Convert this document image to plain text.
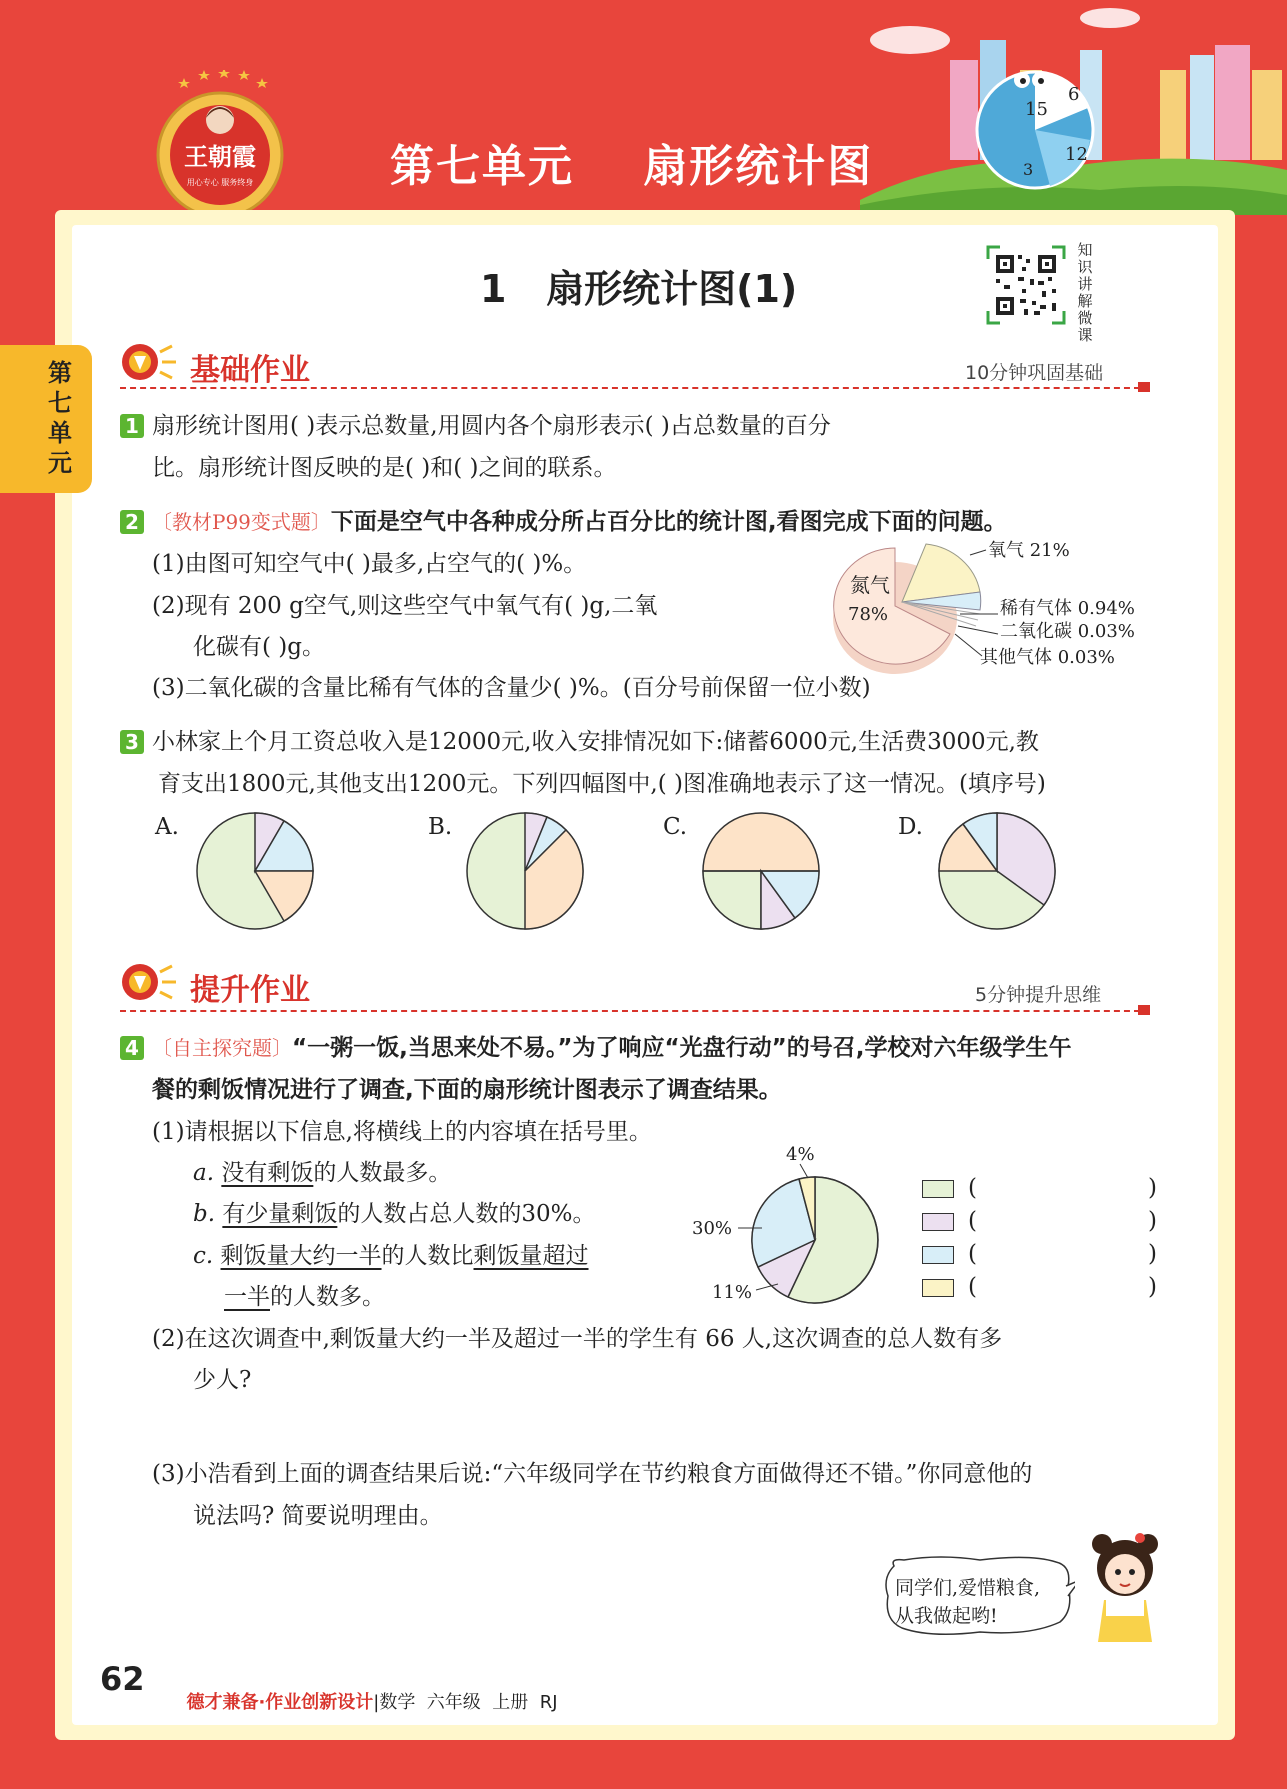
王朝霞
用心专心 服务终身	第七单元    扇形统计图
15
6
3
12
第七单元
1   扇形统计图(1)
知识讲解微课
基础作业	10分钟巩固基础
1 扇形统计图用( )表示总数量,用圆内各个扇形表示( )占总数量的百分
比。扇形统计图反映的是( )和( )之间的联系。
2 〔教材P99变式题〕下面是空气中各种成分所占百分比的统计图,看图完成下面的问题。
(1)由图可知空气中( )最多,占空气的( )%。
(2)现有 200 g空气,则这些空气中氧气有( )g,二氧
化碳有( )g。
(3)二氧化碳的含量比稀有气体的含量少( )%。(百分号前保留一位小数)
氮气
78%
氧气 21%
稀有气体 0.94%
二氧化碳 0.03%
其他气体 0.03%
3 小林家上个月工资总收入是12000元,收入安排情况如下:储蓄6000元,生活费3000元,教
育支出1800元,其他支出1200元。下列四幅图中,( )图准确地表示了这一情况。(填序号)
A.	B.	C.	D.
提升作业	5分钟提升思维
4 〔自主探究题〕“一粥一饭,当思来处不易。”为了响应“光盘行动”的号召,学校对六年级学生午
餐的剩饭情况进行了调查,下面的扇形统计图表示了调查结果。
(1)请根据以下信息,将横线上的内容填在括号里。
a. 没有剩饭的人数最多。
b. 有少量剩饭的人数占总人数的30%。
c. 剩饭量大约一半的人数比剩饭量超过
一半的人数多。
4%
30%
11%
(	)
(	)
(	)
(	)
(2)在这次调查中,剩饭量大约一半及超过一半的学生有 66 人,这次调查的总人数有多
少人?
(3)小浩看到上面的调查结果后说:“六年级同学在节约粮食方面做得还不错。”你同意他的
说法吗? 简要说明理由。
同学们,爱惜粮食,
从我做起哟!
62

德才兼备·作业创新设计|数学  六年级  上册  RJ
